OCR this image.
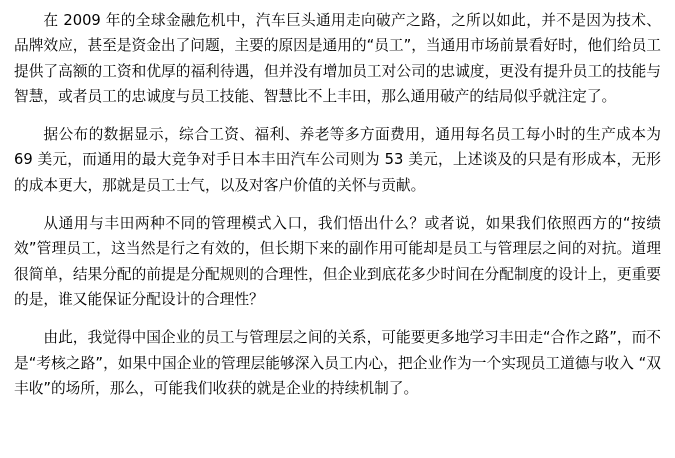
在 2009 年的全球金融危机中，汽车巨头通用走向破产之路，之所以如此，并不是因为技术、品牌效应，甚至是资金出了问题，主要的原因是通用的“员工”，当通用市场前景看好时，他们给员工提供了高额的工资和优厚的福利待遇，但并没有增加员工对公司的忠诚度，更没有提升员工的技能与智慧，或者员工的忠诚度与员工技能、智慧比不上丰田，那么通用破产的结局似乎就注定了。

据公布的数据显示，综合工资、福利、养老等多方面费用，通用每名员工每小时的生产成本为 69 美元，而通用的最大竞争对手日本丰田汽车公司则为 53 美元，上述谈及的只是有形成本，无形的成本更大，那就是员工士气，以及对客户价值的关怀与贡献。

从通用与丰田两种不同的管理模式入口，我们悟出什么？或者说，如果我们依照西方的“按绩效”管理员工，这当然是行之有效的，但长期下来的副作用可能却是员工与管理层之间的对抗。道理很简单，结果分配的前提是分配规则的合理性，但企业到底花多少时间在分配制度的设计上，更重要的是，谁又能保证分配设计的合理性？

由此，我觉得中国企业的员工与管理层之间的关系，可能要更多地学习丰田走“合作之路”，而不是“考核之路”，如果中国企业的管理层能够深入员工内心，把企业作为一个实现员工道德与收入 “双丰收”的场所，那么，可能我们收获的就是企业的持续机制了。
